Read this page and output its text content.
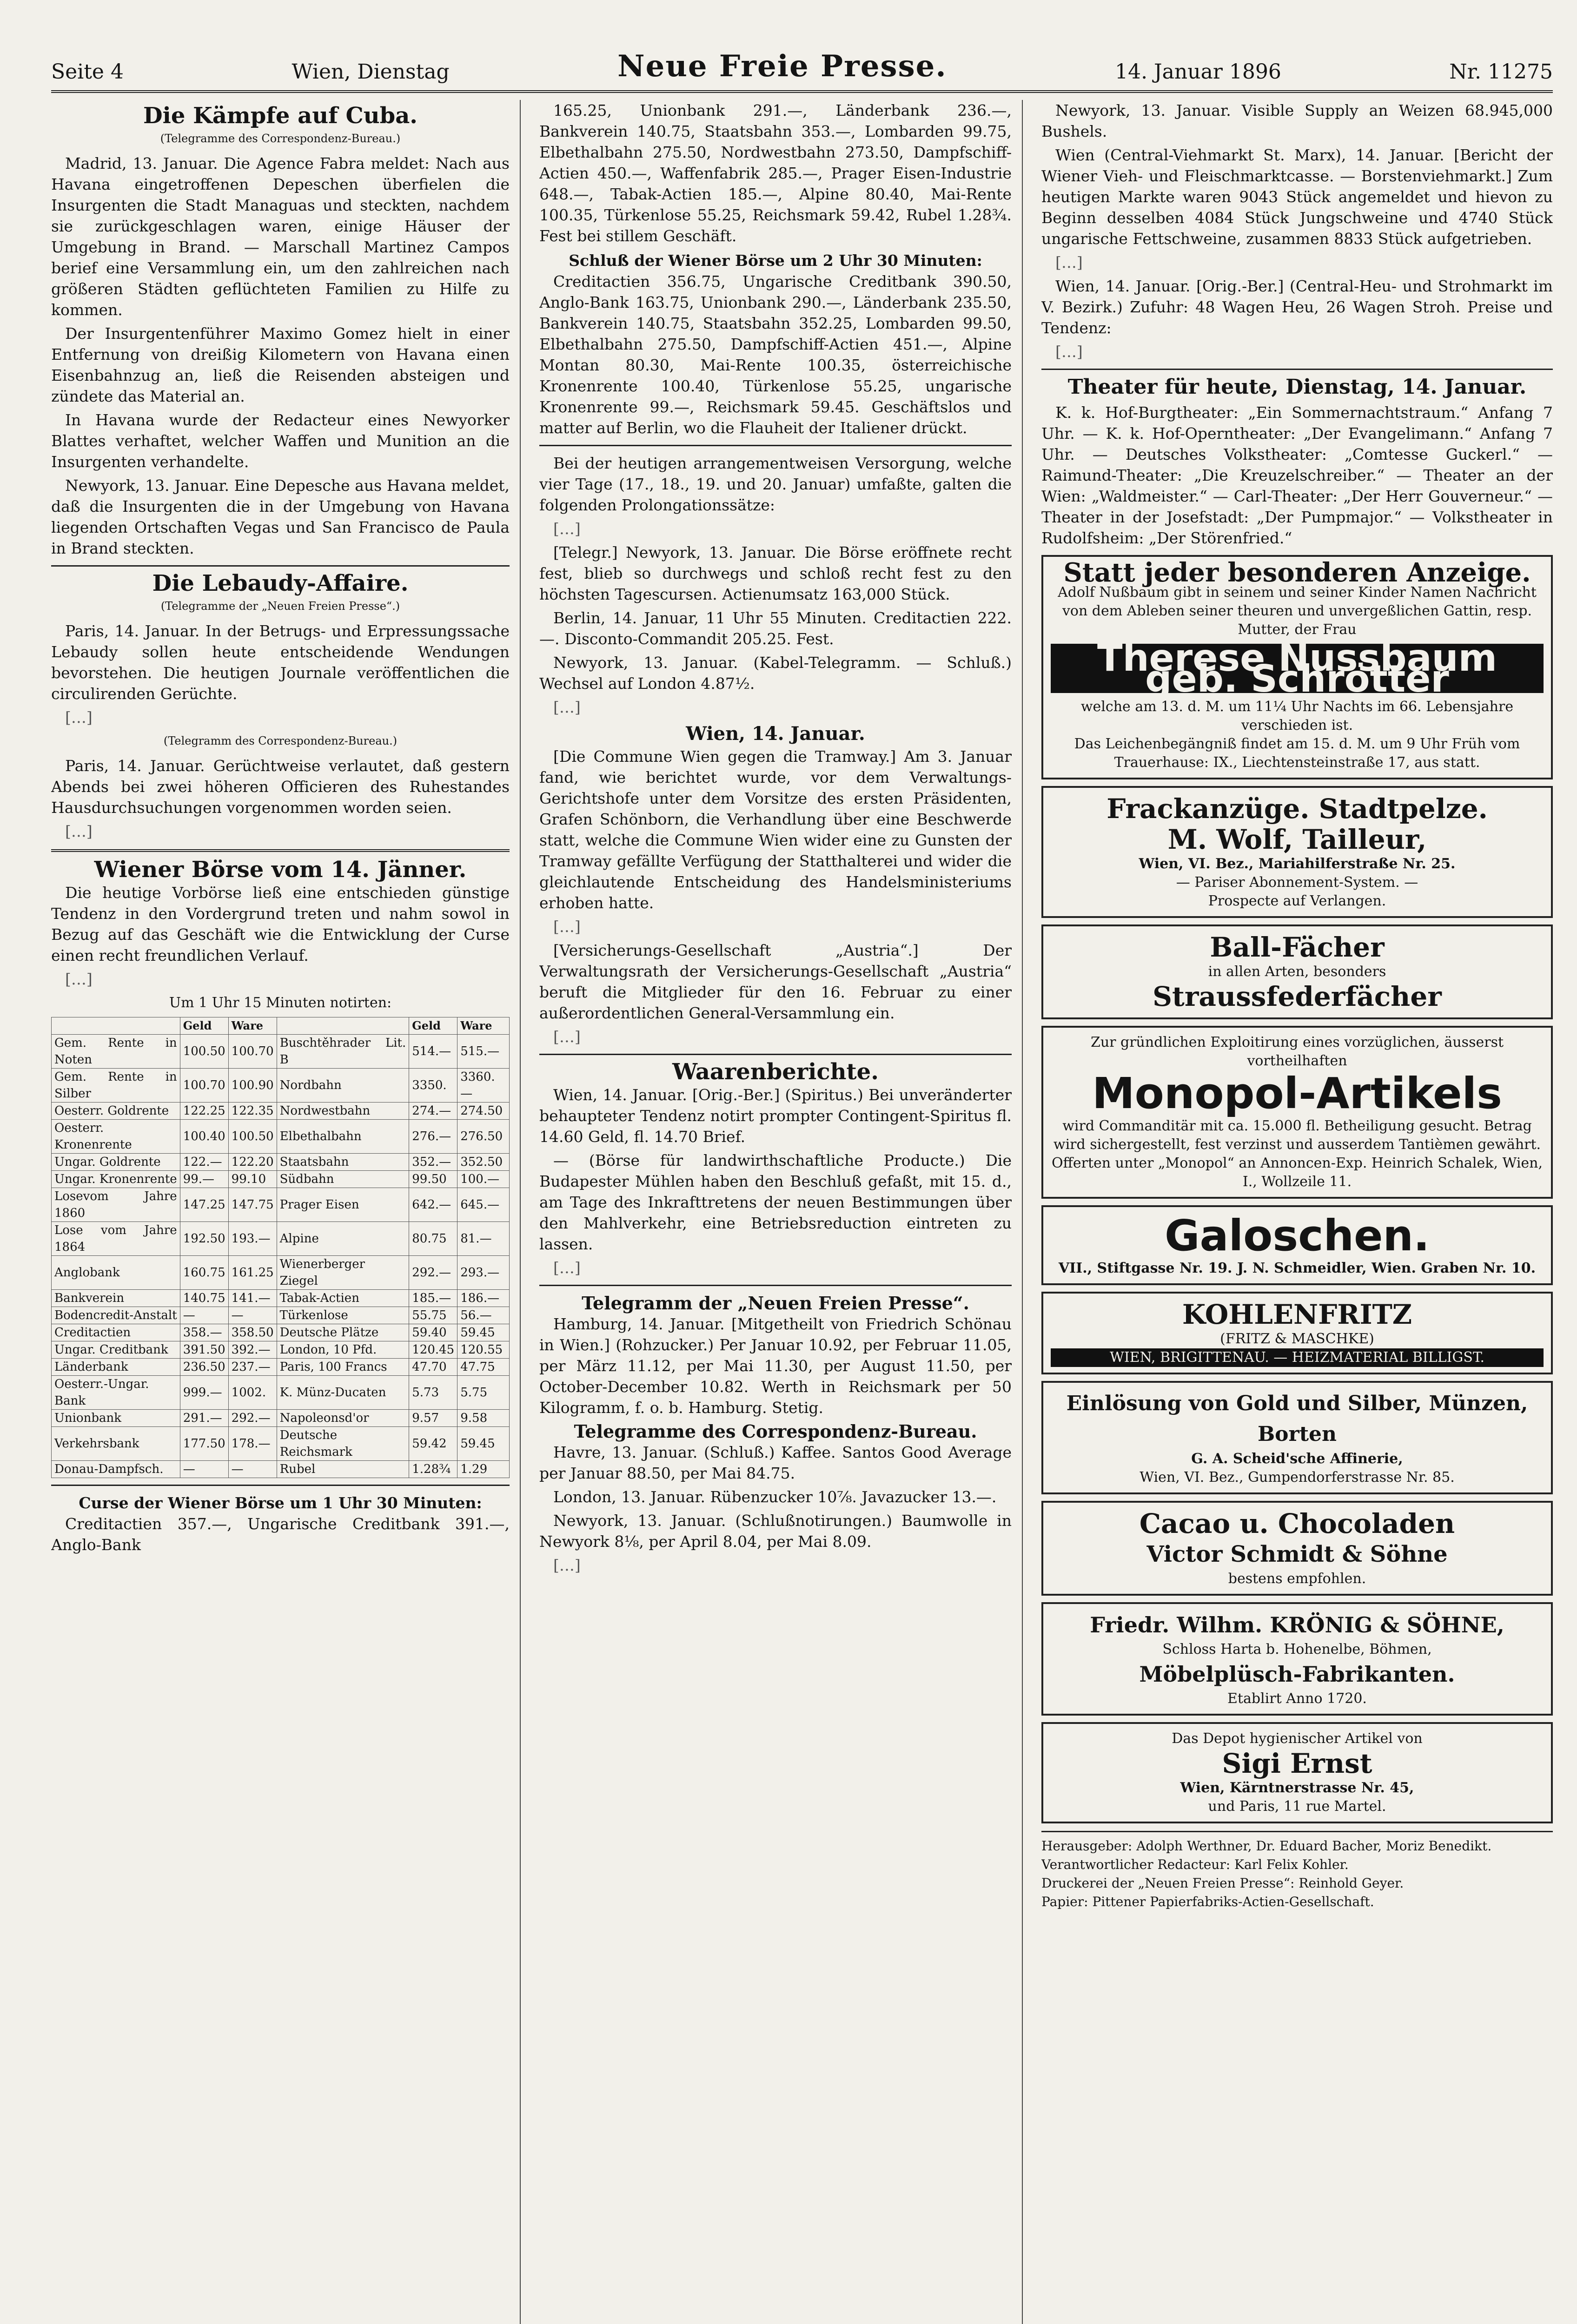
Seite 4	Wien, Dienstag	Neue Freie Presse.	14. Januar 1896	Nr. 11275
Die Kämpfe auf Cuba.
(Telegramme des Correspondenz-Bureau.)

Madrid, 13. Januar. Die Agence Fabra meldet: Nach aus Havana eingetroffenen Depeschen überfielen die Insurgenten die Stadt Managuas und steckten, nachdem sie zurückgeschlagen waren, einige Häuser der Umgebung in Brand. — Marschall Martinez Campos berief eine Versammlung ein, um den zahlreichen nach größeren Städten geflüchteten Familien zu Hilfe zu kommen.

Der Insurgentenführer Maximo Gomez hielt in einer Entfernung von dreißig Kilometern von Havana einen Eisenbahnzug an, ließ die Reisenden absteigen und zündete das Material an.

In Havana wurde der Redacteur eines Newyorker Blattes verhaftet, welcher Waffen und Munition an die Insurgenten verhandelte.

Newyork, 13. Januar. Eine Depesche aus Havana meldet, daß die Insurgenten die in der Umgebung von Havana liegenden Ortschaften Vegas und San Francisco de Paula in Brand steckten.

Die Lebaudy-Affaire.
(Telegramme der „Neuen Freien Presse“.)

Paris, 14. Januar. In der Betrugs- und Erpressungssache Lebaudy sollen heute entscheidende Wendungen bevorstehen. Die heutigen Journale veröffentlichen die circulirenden Gerüchte.

[…]

(Telegramm des Correspondenz-Bureau.)

Paris, 14. Januar. Gerüchtweise verlautet, daß gestern Abends bei zwei höheren Officieren des Ruhestandes Hausdurchsuchungen vorgenommen worden seien.

[…]

Wiener Börse vom 14. Jänner.

Die heutige Vorbörse ließ eine entschieden günstige Tendenz in den Vordergrund treten und nahm sowol in Bezug auf das Geschäft wie die Entwicklung der Curse einen recht freundlichen Verlauf.

[…]

Um 1 Uhr 15 Minuten notirten:
	Geld	Ware		Geld	Ware
Gem. Rente in Noten	100.50	100.70	Buschtěhrader Lit. B	514.—	515.—
Gem. Rente in Silber	100.70	100.90	Nordbahn	3350.	3360.—
Oesterr. Goldrente	122.25	122.35	Nordwestbahn	274.—	274.50
Oesterr. Kronenrente	100.40	100.50	Elbethalbahn	276.—	276.50
Ungar. Goldrente	122.—	122.20	Staatsbahn	352.—	352.50
Ungar. Kronenrente	99.—	99.10	Südbahn	99.50	100.—
Losevom Jahre 1860	147.25	147.75	Prager Eisen	642.—	645.—
Lose vom Jahre 1864	192.50	193.—	Alpine	80.75	81.—
Anglobank	160.75	161.25	Wienerberger Ziegel	292.—	293.—
Bankverein	140.75	141.—	Tabak-Actien	185.—	186.—
Bodencredit-Anstalt	—	—	Türkenlose	55.75	56.—
Creditactien	358.—	358.50	Deutsche Plätze	59.40	59.45
Ungar. Creditbank	391.50	392.—	London, 10 Pfd.	120.45	120.55
Länderbank	236.50	237.—	Paris, 100 Francs	47.70	47.75
Oesterr.-Ungar. Bank	999.—	1002.	K. Münz-Ducaten	5.73	5.75
Unionbank	291.—	292.—	Napoleonsd'or	9.57	9.58
Verkehrsbank	177.50	178.—	Deutsche Reichsmark	59.42	59.45
Donau-Dampfsch.	—	—	Rubel	1.28¾	1.29
Curse der Wiener Börse um 1 Uhr 30 Minuten:

Creditactien 357.—, Ungarische Creditbank 391.—, Anglo-Bank

165.25, Unionbank 291.—, Länderbank 236.—, Bankverein 140.75, Staatsbahn 353.—, Lombarden 99.75, Elbethalbahn 275.50, Nordwestbahn 273.50, Dampfschiff-Actien 450.—, Waffenfabrik 285.—, Prager Eisen-Industrie 648.—, Tabak-Actien 185.—, Alpine 80.40, Mai-Rente 100.35, Türkenlose 55.25, Reichsmark 59.42, Rubel 1.28¾. Fest bei stillem Geschäft.

Schluß der Wiener Börse um 2 Uhr 30 Minuten:

Creditactien 356.75, Ungarische Creditbank 390.50, Anglo-Bank 163.75, Unionbank 290.—, Länderbank 235.50, Bankverein 140.75, Staatsbahn 352.25, Lombarden 99.50, Elbethalbahn 275.50, Dampfschiff-Actien 451.—, Alpine Montan 80.30, Mai-Rente 100.35, österreichische Kronenrente 100.40, Türkenlose 55.25, ungarische Kronenrente 99.—, Reichsmark 59.45. Geschäftslos und matter auf Berlin, wo die Flauheit der Italiener drückt.

Bei der heutigen arrangementweisen Versorgung, welche vier Tage (17., 18., 19. und 20. Januar) umfaßte, galten die folgenden Prolongationssätze:

[…]

[Telegr.] Newyork, 13. Januar. Die Börse eröffnete recht fest, blieb so durchwegs und schloß recht fest zu den höchsten Tagescursen. Actienumsatz 163,000 Stück.

Berlin, 14. Januar, 11 Uhr 55 Minuten. Creditactien 222.—. Disconto-Commandit 205.25. Fest.

Newyork, 13. Januar. (Kabel-Telegramm. — Schluß.) Wechsel auf London 4.87½.

[…]

Wien, 14. Januar.

[Die Commune Wien gegen die Tramway.] Am 3. Januar fand, wie berichtet wurde, vor dem Verwaltungs-Gerichtshofe unter dem Vorsitze des ersten Präsidenten, Grafen Schönborn, die Verhandlung über eine Beschwerde statt, welche die Commune Wien wider eine zu Gunsten der Tramway gefällte Verfügung der Statthalterei und wider die gleichlautende Entscheidung des Handelsministeriums erhoben hatte.

[…]

[Versicherungs-Gesellschaft „Austria“.] Der Verwaltungsrath der Versicherungs-Gesellschaft „Austria“ beruft die Mitglieder für den 16. Februar zu einer außerordentlichen General-Versammlung ein.

[…]

Waarenberichte.

Wien, 14. Januar. [Orig.-Ber.] (Spiritus.) Bei unveränderter behaupteter Tendenz notirt prompter Contingent-Spiritus fl. 14.60 Geld, fl. 14.70 Brief.

— (Börse für landwirthschaftliche Producte.) Die Budapester Mühlen haben den Beschluß gefaßt, mit 15. d., am Tage des Inkrafttretens der neuen Bestimmungen über den Mahlverkehr, eine Betriebsreduction eintreten zu lassen.

[…]

Telegramm der „Neuen Freien Presse“.

Hamburg, 14. Januar. [Mitgetheilt von Friedrich Schönau in Wien.] (Rohzucker.) Per Januar 10.92, per Februar 11.05, per März 11.12, per Mai 11.30, per August 11.50, per October-December 10.82. Werth in Reichsmark per 50 Kilogramm, f. o. b. Hamburg. Stetig.

Telegramme des Correspondenz-Bureau.

Havre, 13. Januar. (Schluß.) Kaffee. Santos Good Average per Januar 88.50, per Mai 84.75.

London, 13. Januar. Rübenzucker 10⅞. Javazucker 13.—.

Newyork, 13. Januar. (Schlußnotirungen.) Baumwolle in Newyork 8⅛, per April 8.04, per Mai 8.09.

[…]

Newyork, 13. Januar. Visible Supply an Weizen 68.945,000 Bushels.

Wien (Central-Viehmarkt St. Marx), 14. Januar. [Bericht der Wiener Vieh- und Fleischmarktcasse. — Borstenviehmarkt.] Zum heutigen Markte waren 9043 Stück angemeldet und hievon zu Beginn desselben 4084 Stück Jungschweine und 4740 Stück ungarische Fettschweine, zusammen 8833 Stück aufgetrieben.

[…]

Wien, 14. Januar. [Orig.-Ber.] (Central-Heu- und Strohmarkt im V. Bezirk.) Zufuhr: 48 Wagen Heu, 26 Wagen Stroh. Preise und Tendenz:

[…]

Theater für heute, Dienstag, 14. Januar.

K. k. Hof-Burgtheater: „Ein Sommernachtstraum.“ Anfang 7 Uhr. — K. k. Hof-Operntheater: „Der Evangelimann.“ Anfang 7 Uhr. — Deutsches Volkstheater: „Comtesse Guckerl.“ — Raimund-Theater: „Die Kreuzelschreiber.“ — Theater an der Wien: „Waldmeister.“ — Carl-Theater: „Der Herr Gouverneur.“ — Theater in der Josefstadt: „Der Pumpmajor.“ — Volkstheater in Rudolfsheim: „Der Störenfried.“

Statt jeder besonderen Anzeige.
Adolf Nußbaum gibt in seinem und seiner Kinder Namen Nachricht von dem Ableben seiner theuren und unvergeßlichen Gattin, resp. Mutter, der Frau
Therese Nussbaum geb. Schrötter
welche am 13. d. M. um 11¼ Uhr Nachts im 66. Lebensjahre verschieden ist.
Das Leichenbegängniß findet am 15. d. M. um 9 Uhr Früh vom Trauerhause: IX., Liechtensteinstraße 17, aus statt.
Frackanzüge. Stadtpelze.
M. Wolf, Tailleur,
Wien, VI. Bez., Mariahilferstraße Nr. 25.
— Pariser Abonnement-System. —
Prospecte auf Verlangen.
Ball-Fächer
in allen Arten, besonders
Straussfederfächer
Zur gründlichen Exploitirung eines vorzüglichen, äusserst vortheilhaften
Monopol-Artikels
wird Commanditär mit ca. 15.000 fl. Betheiligung gesucht. Betrag wird sichergestellt, fest verzinst und ausserdem Tantièmen gewährt.
Offerten unter „Monopol“ an Annoncen-Exp. Heinrich Schalek, Wien, I., Wollzeile 11.
Galoschen.
VII., Stiftgasse Nr. 19. J. N. Schmeidler, Wien. Graben Nr. 10.
KOHLENFRITZ
(FRITZ & MASCHKE)
WIEN, BRIGITTENAU. — HEIZMATERIAL BILLIGST.
Einlösung von Gold und Silber, Münzen, Borten
G. A. Scheid'sche Affinerie,
Wien, VI. Bez., Gumpendorferstrasse Nr. 85.
Cacao u. Chocoladen
Victor Schmidt & Söhne
bestens empfohlen.
Friedr. Wilhm. KRÖNIG & SÖHNE,
Schloss Harta b. Hohenelbe, Böhmen,
Möbelplüsch-Fabrikanten.
Etablirt Anno 1720.
Das Depot hygienischer Artikel von
Sigi Ernst
Wien, Kärntnerstrasse Nr. 45,
und Paris, 11 rue Martel.
Herausgeber: Adolph Werthner, Dr. Eduard Bacher, Moriz Benedikt.
Verantwortlicher Redacteur: Karl Felix Kohler.
Druckerei der „Neuen Freien Presse“: Reinhold Geyer.
Papier: Pittener Papierfabriks-Actien-Gesellschaft.
